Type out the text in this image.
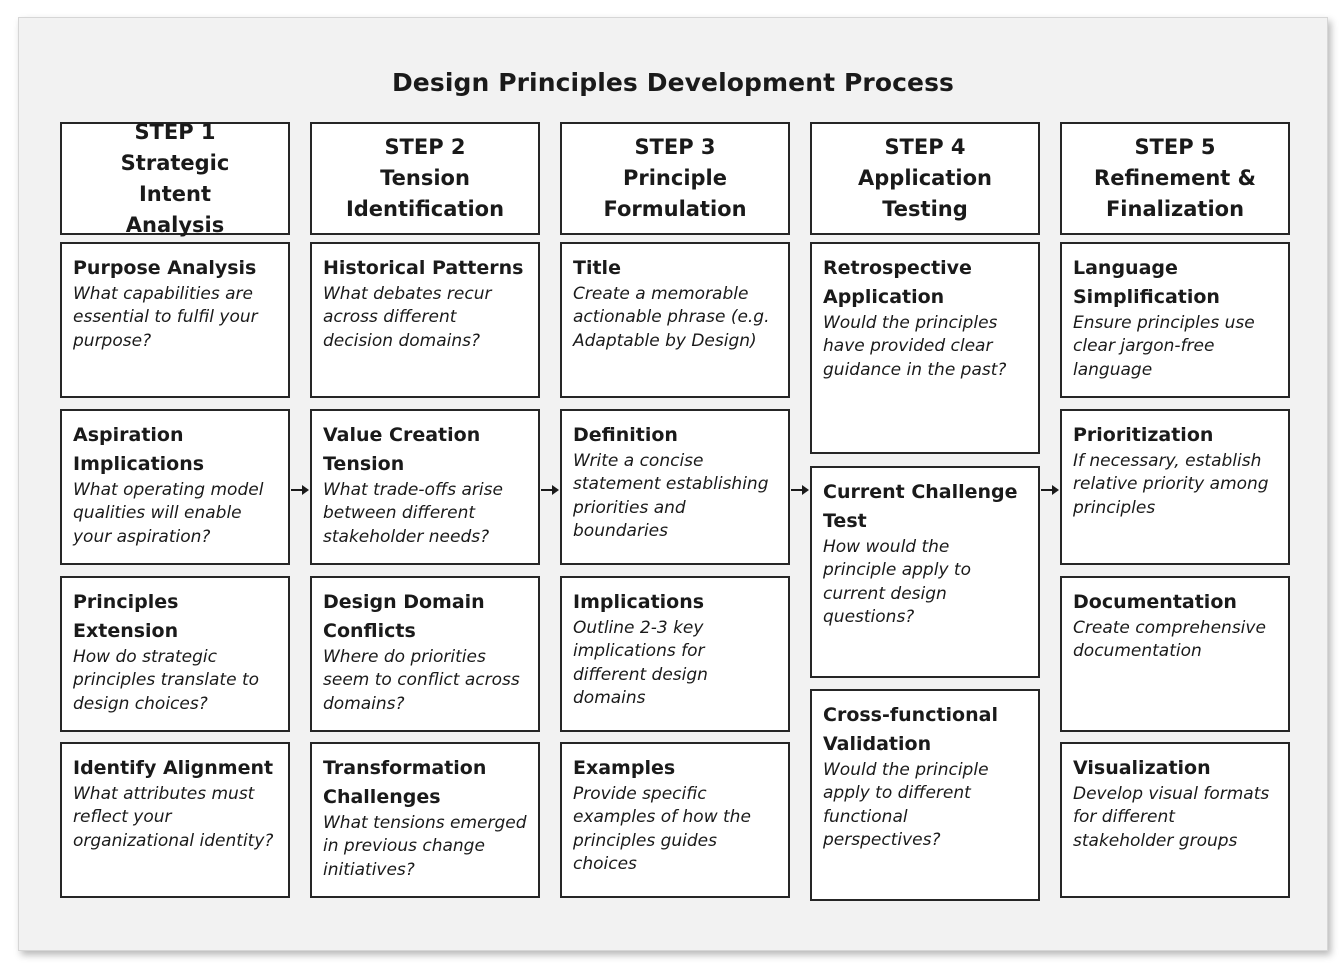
Design Principles Development Process
STEP 1
Strategic Intent Analysis
Purpose Analysis
What capabilities are essential to fulfil your purpose?
Aspiration Implications
What operating model qualities will enable your aspiration?
Principles Extension
How do strategic principles translate to design choices?
Identify Alignment
What attributes must reflect your organizational identity?
STEP 2
Tension Identification
Historical Patterns
What debates recur across different decision domains?
Value Creation Tension
What trade-offs arise between different stakeholder needs?
Design Domain Conflicts
Where do priorities seem to conflict across domains?
Transformation Challenges
What tensions emerged in previous change initiatives?
STEP 3
Principle Formulation
Title
Create a memorable actionable phrase (e.g. Adaptable by Design)
Definition
Write a concise statement establishing priorities and boundaries
Implications
Outline 2-3 key implications for different design domains
Examples
Provide specific examples of how the principles guides choices
STEP 4
Application Testing
Retrospective Application
Would the principles have provided clear guidance in the past?
Current Challenge Test
How would the principle apply to current design questions?
Cross-functional Validation
Would the principle apply to different functional perspectives?
STEP 5
Refinement & Finalization
Language Simplification
Ensure principles use clear jargon-free language
Prioritization
If necessary, establish relative priority among principles
Documentation
Create comprehensive documentation
Visualization
Develop visual formats for different stakeholder groups
